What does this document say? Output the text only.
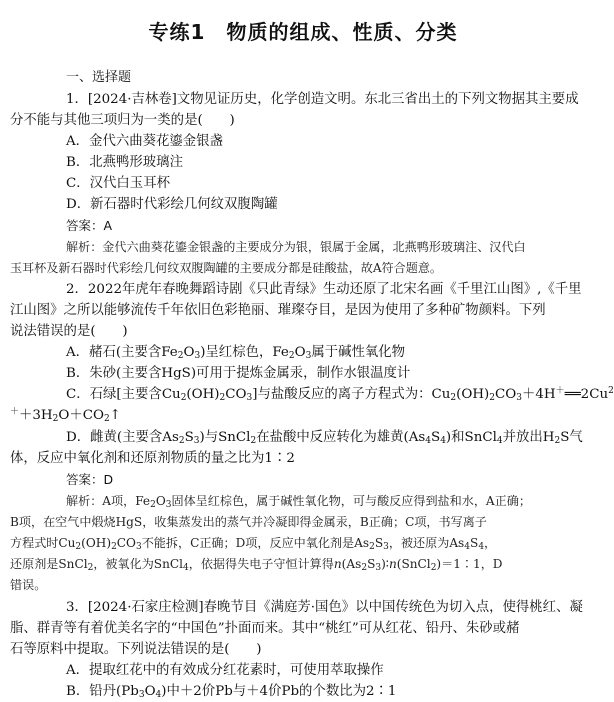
专练1　物质的组成、性质、分类
一、选择题
1．[2024·吉林卷]文物见证历史，化学创造文明。东北三省出土的下列文物据其主要成
分不能与其他三项归为一类的是(　　)
A．金代六曲葵花鎏金银盏
B．北燕鸭形玻璃注
C．汉代白玉耳杯
D．新石器时代彩绘几何纹双腹陶罐
答案：A
解析：金代六曲葵花鎏金银盏的主要成分为银，银属于金属，北燕鸭形玻璃注、汉代白
玉耳杯及新石器时代彩绘几何纹双腹陶罐的主要成分都是硅酸盐，故A符合题意。
2．2022年虎年春晚舞蹈诗剧《只此青绿》生动还原了北宋名画《千里江山图》,《千里
江山图》之所以能够流传千年依旧色彩艳丽、璀璨夺目，是因为使用了多种矿物颜料。下列
说法错误的是(　　)
A．赭石(主要含$Fe_2O_3$)呈红棕色，$Fe_2O_3$属于碱性氧化物
B．朱砂(主要含HgS)可用于提炼金属汞，制作水银温度计
C．石绿[主要含$Cu_2(OH)_2CO_3$]与盐酸反应的离子方程式为：$Cu_2(OH)_2CO_3+4H^+══2Cu^2$
$^++3H_2O+CO_2↑$
D．雌黄(主要含$As_2S_3$)与SnCl$_2$在盐酸中反应转化为雄黄$(As_4S_4)$和SnCl$_4$并放出$H_2S$气
体，反应中氧化剂和还原剂物质的量之比为1∶2
答案：D
解析：A项，$Fe_2O_3$固体呈红棕色，属于碱性氧化物，可与酸反应得到盐和水，A正确；
B项，在空气中煅烧HgS，收集蒸发出的蒸气并冷凝即得金属汞，B正确；C项，书写离子
方程式时$Cu_2(OH)_2CO_3$不能拆，C正确；D项，反应中氧化剂是$As_2S_3$，被还原为$As_4S_4$，
还原剂是SnCl$_2$，被氧化为SnCl$_4$，依据得失电子守恒计算得$n(As_2S_3)∶n(SnCl_2)=1∶1$，D
错误。
3．[2024·石家庄检测]春晚节目《满庭芳·国色》以中国传统色为切入点，使得桃红、凝
脂、群青等有着优美名字的“中国色”扑面而来。其中“桃红”可从红花、铅丹、朱砂或赭
石等原料中提取。下列说法错误的是(　　)
A．提取红花中的有效成分红花素时，可使用萃取操作
B．铅丹$(Pb_3O_4)$中＋2价Pb与＋4价Pb的个数比为2∶1
